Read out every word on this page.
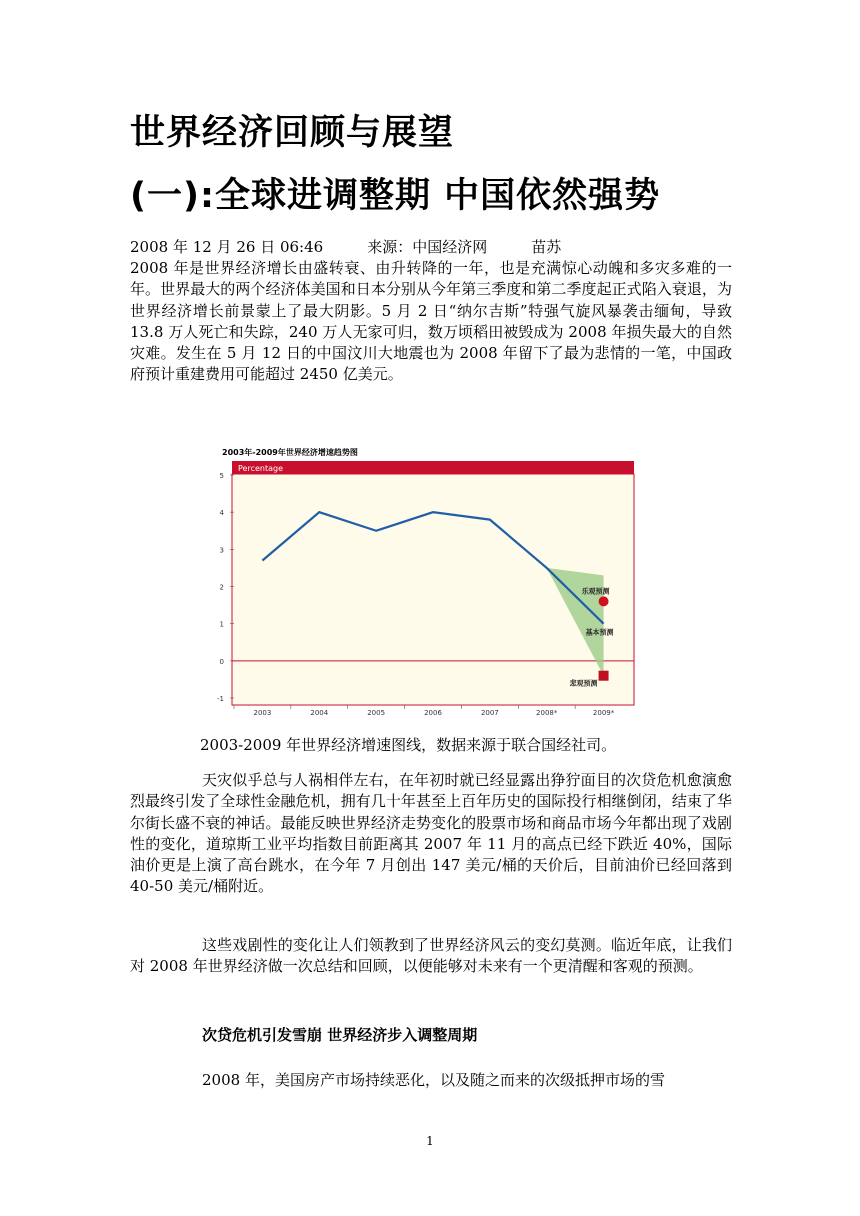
世界经济回顾与展望
(一):全球进调整期 中国依然强势
2008 年 12 月 26 日 06:46	来源：中国经济网	苗苏
2008 年是世界经济增长由盛转衰、由升转降的一年，也是充满惊心动魄和多灾多难的一年。世界最大的两个经济体美国和日本分别从今年第三季度和第二季度起正式陷入衰退，为世界经济增长前景蒙上了最大阴影。5 月 2 日“纳尔吉斯”特强气旋风暴袭击缅甸，导致 13.8 万人死亡和失踪，240 万人无家可归，数万顷稻田被毁成为 2008 年损失最大的自然灾难。发生在 5 月 12 日的中国汶川大地震也为 2008 年留下了最为悲情的一笔，中国政府预计重建费用可能超过 2450 亿美元。
2003年-2009年世界经济增速趋势图
Percentage
5
4
3
2
1
0
-1
2003	2004	2005	2006	2007	2008*	2009*
乐观预测
基本预测
悲观预测
2003-2009 年世界经济增速图线，数据来源于联合国经社司。
天灾似乎总与人祸相伴左右，在年初时就已经显露出狰狞面目的次贷危机愈演愈烈最终引发了全球性金融危机，拥有几十年甚至上百年历史的国际投行相继倒闭，结束了华尔街长盛不衰的神话。最能反映世界经济走势变化的股票市场和商品市场今年都出现了戏剧性的变化，道琼斯工业平均指数目前距离其 2007 年 11 月的高点已经下跌近 40%，国际油价更是上演了高台跳水，在今年 7 月创出 147 美元/桶的天价后，目前油价已经回落到 40-50 美元/桶附近。
这些戏剧性的变化让人们领教到了世界经济风云的变幻莫测。临近年底，让我们对 2008 年世界经济做一次总结和回顾，以便能够对未来有一个更清醒和客观的预测。
次贷危机引发雪崩 世界经济步入调整周期
2008 年，美国房产市场持续恶化，以及随之而来的次级抵押市场的雪
1
